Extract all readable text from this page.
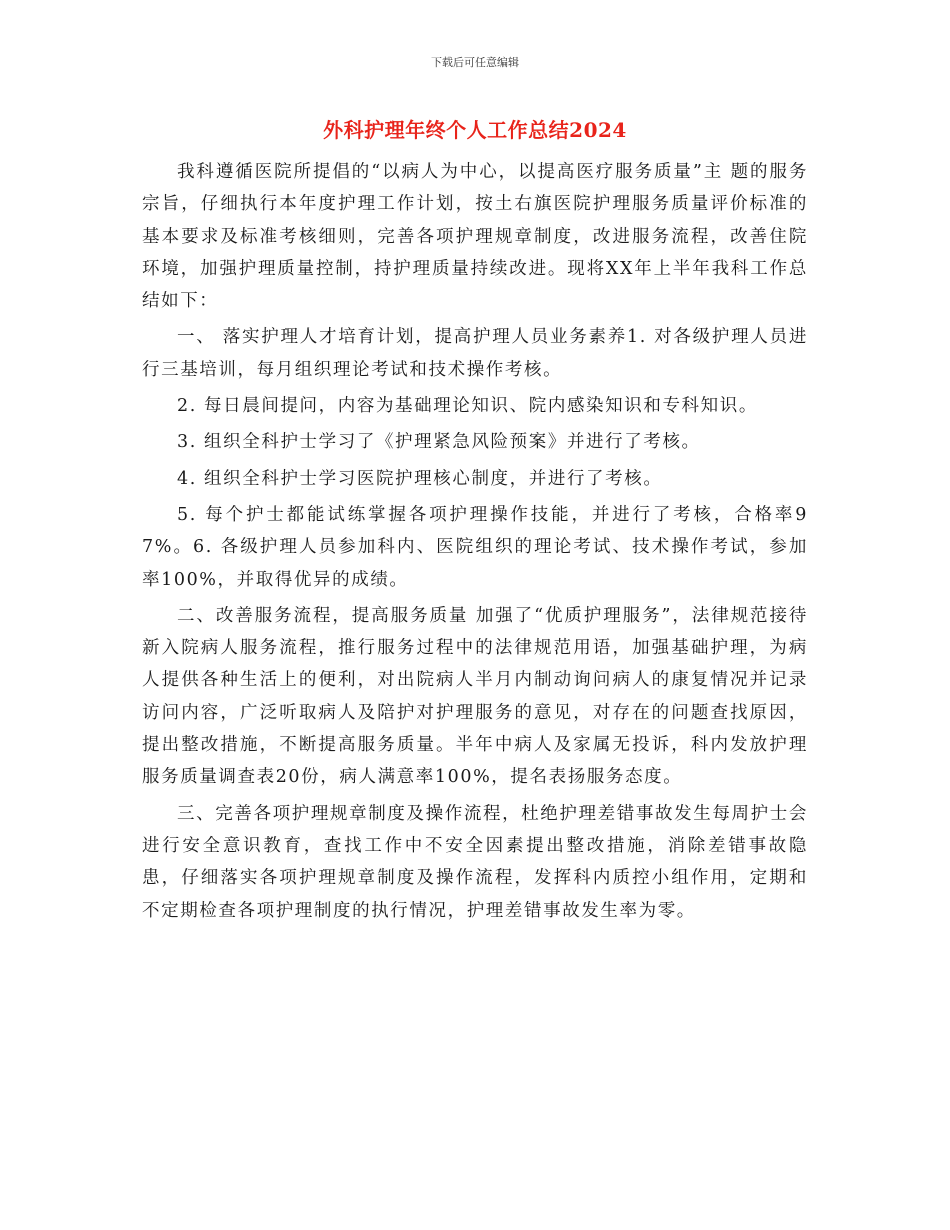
下载后可任意编辑
外科护理年终个人工作总结2024

我科遵循医院所提倡的“以病人为中心，以提高医疗服务质量”主 题的服务宗旨，仔细执行本年度护理工作计划，按土右旗医院护理服务质量评价标准的基本要求及标准考核细则，完善各项护理规章制度，改进服务流程，改善住院环境，加强护理质量控制，持护理质量持续改进。现将XX年上半年我科工作总结如下：

一、 落实护理人才培育计划，提高护理人员业务素养1. 对各级护理人员进行三基培训，每月组织理论考试和技术操作考核。

2. 每日晨间提问，内容为基础理论知识、院内感染知识和专科知识。

3. 组织全科护士学习了《护理紧急风险预案》并进行了考核。

4. 组织全科护士学习医院护理核心制度，并进行了考核。

5. 每个护士都能试练掌握各项护理操作技能，并进行了考核，合格率97%。6. 各级护理人员参加科内、医院组织的理论考试、技术操作考试，参加率100%，并取得优异的成绩。

二、改善服务流程，提高服务质量 加强了“优质护理服务”，法律规范接待新入院病人服务流程，推行服务过程中的法律规范用语，加强基础护理，为病人提供各种生活上的便利，对出院病人半月内制动询问病人的康复情况并记录访问内容，广泛听取病人及陪护对护理服务的意见，对存在的问题查找原因，提出整改措施，不断提高服务质量。半年中病人及家属无投诉，科内发放护理服务质量调查表20份，病人满意率100%，提名表扬服务态度。

三、完善各项护理规章制度及操作流程，杜绝护理差错事故发生每周护士会进行安全意识教育，查找工作中不安全因素提出整改措施，消除差错事故隐患，仔细落实各项护理规章制度及操作流程，发挥科内质控小组作用，定期和不定期检查各项护理制度的执行情况，护理差错事故发生率为零。
